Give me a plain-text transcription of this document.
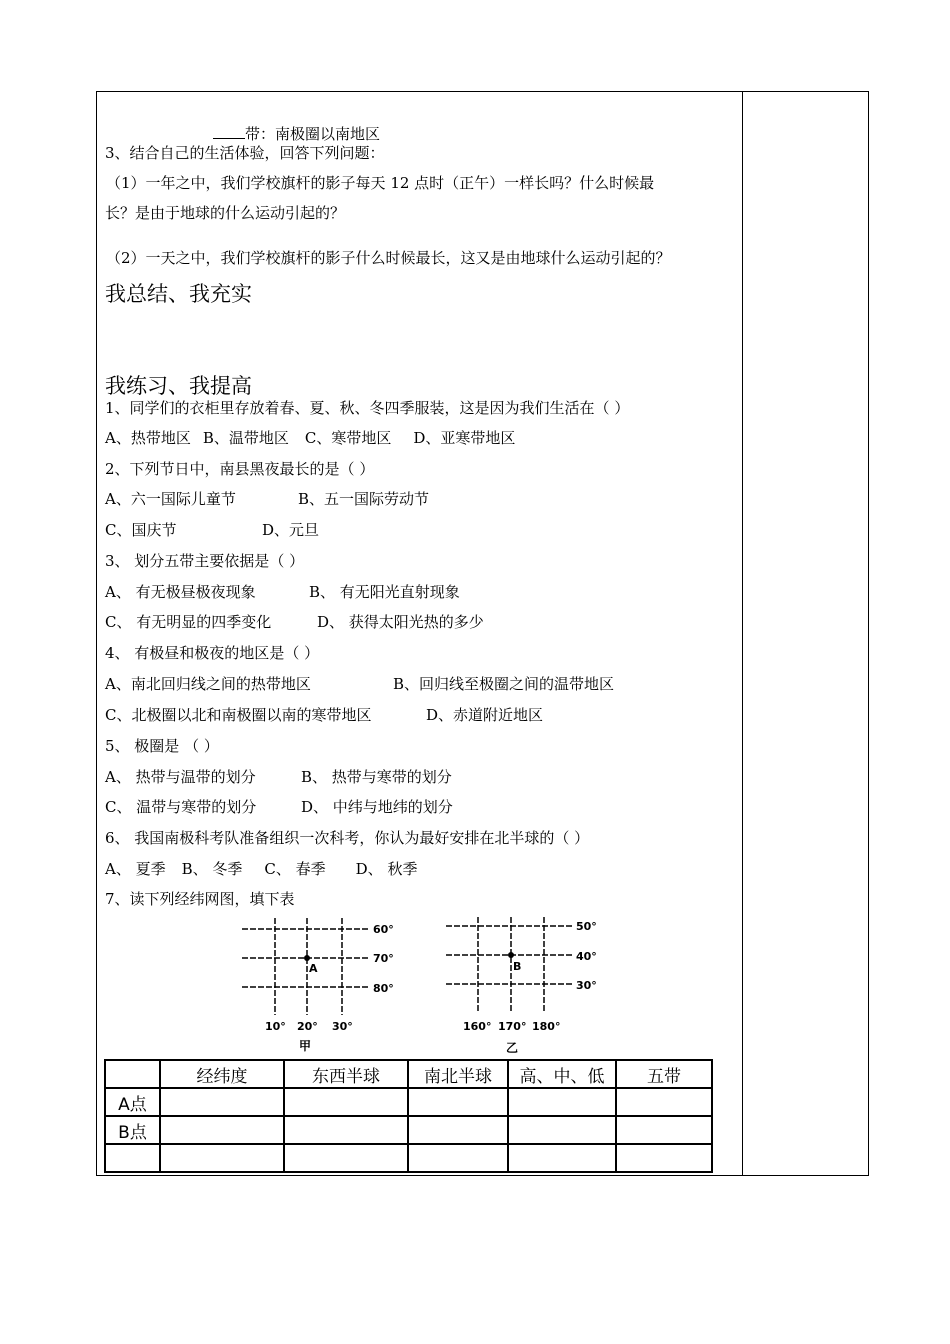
带：南极圈以南地区
3、结合自己的生活体验，回答下列问题：
（1）一年之中，我们学校旗杆的影子每天 12 点时（正午）一样长吗？什么时候最
长？是由于地球的什么运动引起的？
（2）一天之中，我们学校旗杆的影子什么时候最长，这又是由地球什么运动引起的？
我总结、我充实
我练习、我提高
1、同学们的衣柜里存放着春、夏、秋、冬四季服装，这是因为我们生活在（ ）
A、热带地区 B、温带地区 C、寒带地区 D、亚寒带地区
2、下列节日中，南县黑夜最长的是（ ）
A、六一国际儿童节	B、五一国际劳动节
C、国庆节	D、元旦
3、 划分五带主要依据是（ ）
A、 有无极昼极夜现象	B、 有无阳光直射现象
C、 有无明显的四季变化	D、 获得太阳光热的多少
4、 有极昼和极夜的地区是（ ）
A、南北回归线之间的热带地区	B、回归线至极圈之间的温带地区
C、北极圈以北和南极圈以南的寒带地区	D、赤道附近地区
5、 极圈是 （ ）
A、 热带与温带的划分	B、 热带与寒带的划分
C、 温带与寒带的划分	D、 中纬与地纬的划分
6、 我国南极科考队准备组织一次科考，你认为最好安排在北半球的（ ）
A、 夏季 B、 冬季 C、 春季 D、 秋季
7、读下列经纬网图，填下表
A
60°
70°
80°
10° 20° 30°
甲
B
50°
40°
30°
160° 170° 180°
乙
	经纬度	东西半球	南北半球	高、中、低	五带
A点					
B点					
